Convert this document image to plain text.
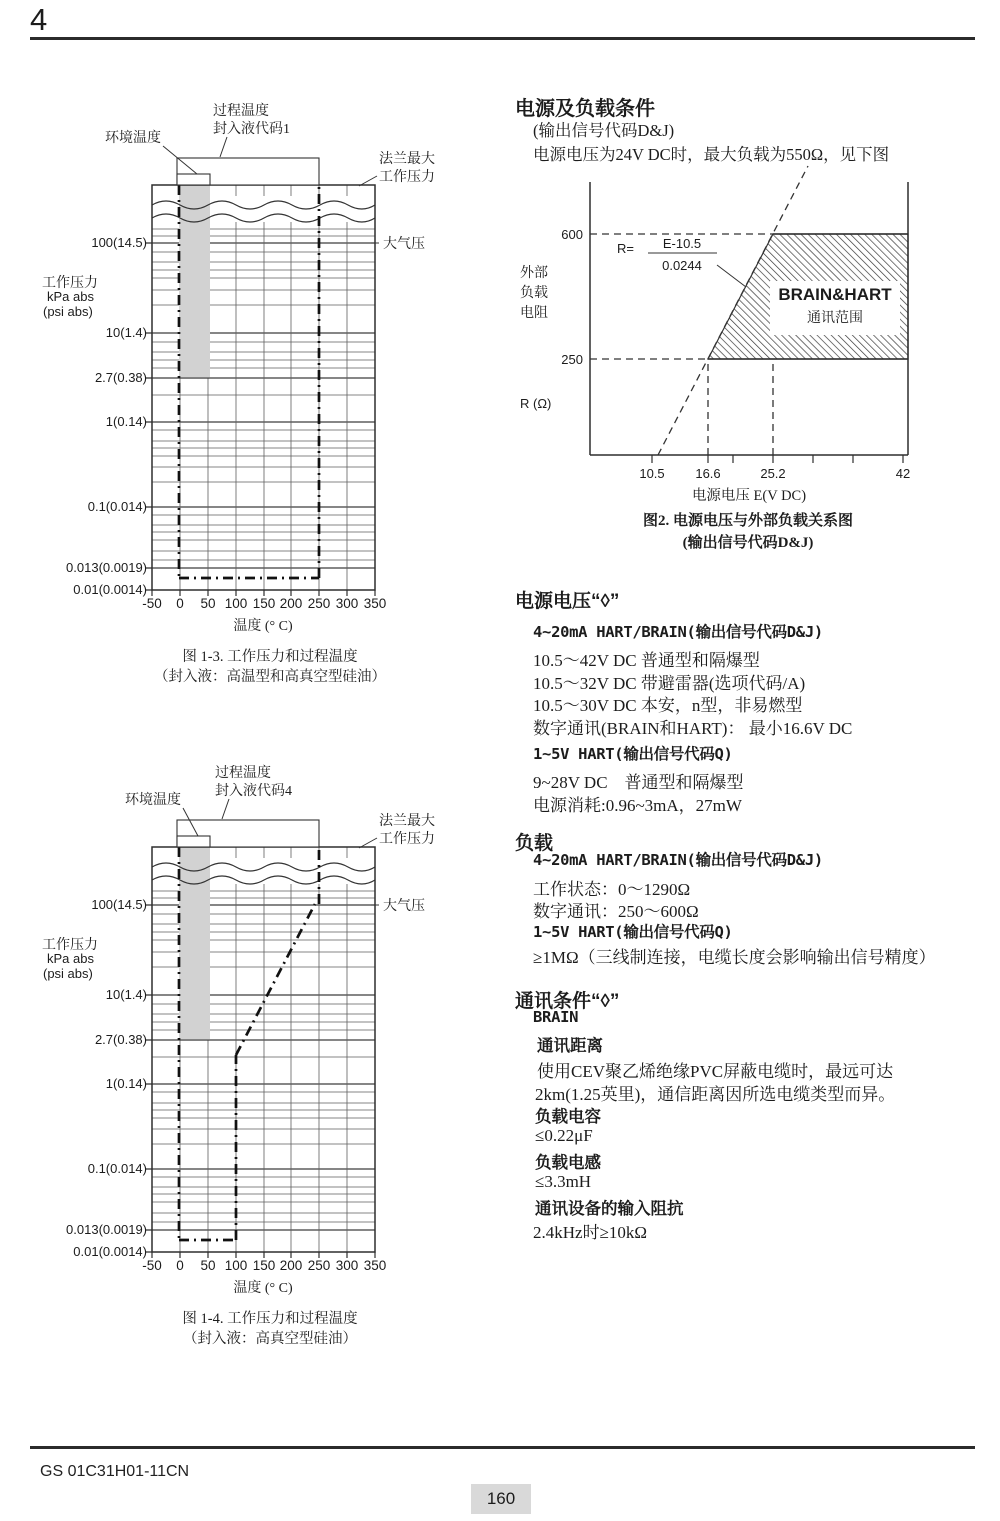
4
环境温度
过程温度
封入液代码1
法兰最大
工作压力
大气压
工作压力
kPa abs
(psi abs)
100(14.5)
10(1.4)
2.7(0.38)
1(0.14)
0.1(0.014)
0.013(0.0019)
0.01(0.0014)
-50 0 50 100 150 200 250 300 350
温度 (° C)
图 1-3. 工作压力和过程温度
（封入液：高温型和高真空型硅油）
环境温度
过程温度
封入液代码4
法兰最大
工作压力
大气压
工作压力
kPa abs
(psi abs)
100(14.5)
10(1.4)
2.7(0.38)
1(0.14)
0.1(0.014)
0.013(0.0019)
0.01(0.0014)
-50 0 50 100 150 200 250 300 350
温度 (° C)
图 1-4. 工作压力和过程温度
（封入液：高真空型硅油）
电源及负载条件
(输出信号代码D&J)
电源电压为24V DC时，最大负载为550Ω，见下图
R= E-10.5
0.0244
BRAIN&HART
通讯范围
外部
负载
电阻
R (Ω)
600
250
10.5 16.6	25.2	42
电源电压 E(V DC)
图2. 电源电压与外部负载关系图
(输出信号代码D&J)
电源电压“◊”
4~20mA HART/BRAIN(输出信号代码D&J)
10.5～42V DC 普通型和隔爆型
10.5～32V DC 带避雷器(选项代码/A)
10.5～30V DC 本安，n型，非易燃型
数字通讯(BRAIN和HART)： 最小16.6V DC
1~5V HART(输出信号代码Q)
9~28V DC　普通型和隔爆型
电源消耗:0.96~3mA，27mW
负载
4~20mA HART/BRAIN(输出信号代码D&J)
工作状态：0～1290Ω
数字通讯：250～600Ω
1~5V HART(输出信号代码Q)
≥1MΩ（三线制连接，电缆长度会影响输出信号精度）
通讯条件“◊”
BRAIN
通讯距离
使用CEV聚乙烯绝缘PVC屏蔽电缆时，最远可达
2km(1.25英里)，通信距离因所选电缆类型而异。
负载电容
≤0.22μF
负载电感
≤3.3mH
通讯设备的输入阻抗
2.4kHz时≥10kΩ
GS 01C31H01-11CN
160
